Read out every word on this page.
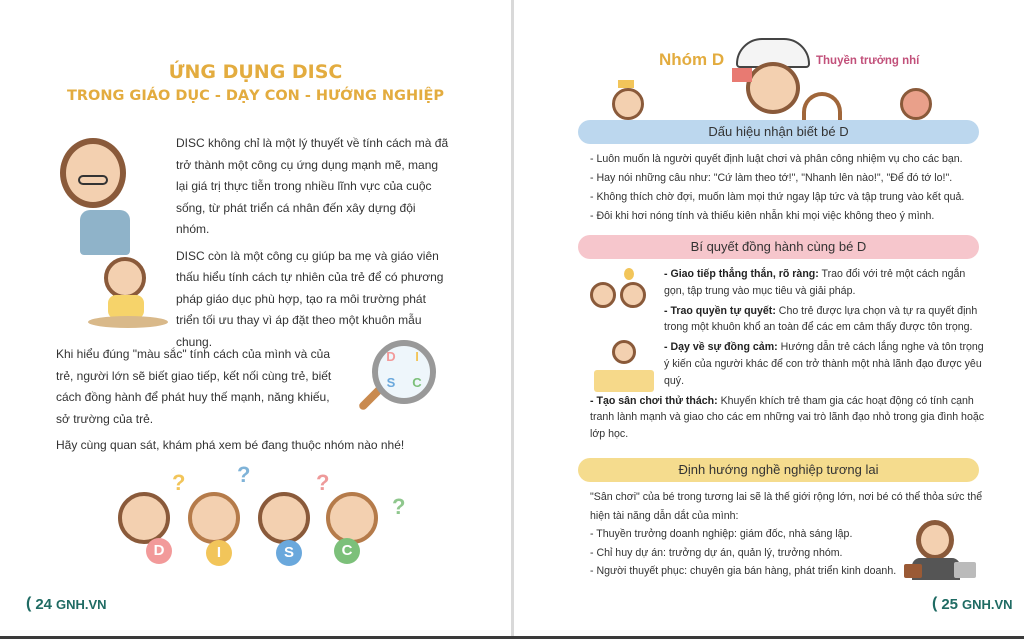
ỨNG DỤNG DISC
TRONG GIÁO DỤC - DẠY CON - HƯỚNG NGHIỆP
DISC không chỉ là một lý thuyết về tính cách mà đã trở thành một công cụ ứng dụng mạnh mẽ, mang lại giá trị thực tiễn trong nhiều lĩnh vực của cuộc sống, từ phát triển cá nhân đến xây dựng đội nhóm.
DISC còn là một công cụ giúp ba mẹ và giáo viên thấu hiểu tính cách tự nhiên của trẻ để có phương pháp giáo dục phù hợp, tạo ra môi trường phát triển tối ưu thay vì áp đặt theo một khuôn mẫu chung.
Khi hiểu đúng "màu sắc" tính cách của mình và của trẻ, người lớn sẽ biết giao tiếp, kết nối cùng trẻ, biết cách đồng hành để phát huy thế mạnh, năng khiếu, sở trường của trẻ.
Hãy cùng quan sát, khám phá xem bé đang thuộc nhóm nào nhé!
D	I
S	C
? ?	?
?
D	I	S	C
( 24 GNH.VN
Nhóm D	Thuyền trưởng nhí
Dấu hiệu nhận biết bé D
- Luôn muốn là người quyết định luật chơi và phân công nhiệm vụ cho các bạn.
- Hay nói những câu như: "Cứ làm theo tớ!", "Nhanh lên nào!", "Để đó tớ lo!".
- Không thích chờ đợi, muốn làm mọi thứ ngay lập tức và tập trung vào kết quả.
- Đôi khi hơi nóng tính và thiếu kiên nhẫn khi mọi việc không theo ý mình.
Bí quyết đồng hành cùng bé D
- Giao tiếp thẳng thắn, rõ ràng: Trao đổi với trẻ một cách ngắn gọn, tập trung vào mục tiêu và giải pháp.
- Trao quyền tự quyết: Cho trẻ được lựa chọn và tự ra quyết định trong một khuôn khổ an toàn để các em cảm thấy được tôn trọng.
- Dạy về sự đồng cảm: Hướng dẫn trẻ cách lắng nghe và tôn trọng ý kiến của người khác để con trở thành một nhà lãnh đạo được yêu quý.
- Tạo sân chơi thử thách: Khuyến khích trẻ tham gia các hoạt động có tính cạnh tranh lành mạnh và giao cho các em những vai trò lãnh đạo nhỏ trong gia đình hoặc lớp học.
Định hướng nghề nghiệp tương lai
"Sân chơi" của bé trong tương lai sẽ là thế giới rộng lớn, nơi bé có thể thỏa sức thể hiện tài năng dẫn dắt của mình:
- Thuyền trưởng doanh nghiệp: giám đốc, nhà sáng lập.
- Chỉ huy dự án: trưởng dự án, quản lý, trưởng nhóm.
- Người thuyết phục: chuyên gia bán hàng, phát triển kinh doanh.
( 25 GNH.VN
